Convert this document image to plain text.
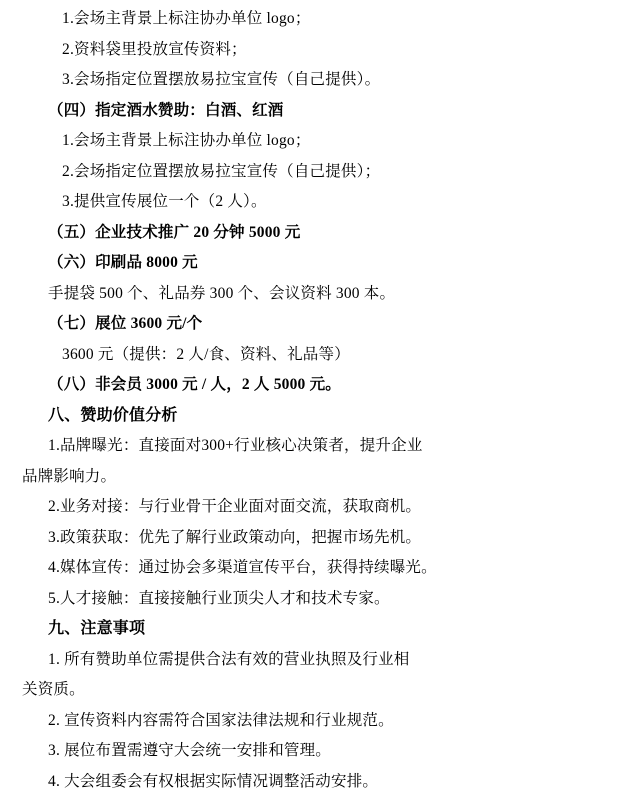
1.会场主背景上标注协办单位 logo；
2.资料袋里投放宣传资料；
3.会场指定位置摆放易拉宝宣传（自己提供）。
（四）指定酒水赞助：白酒、红酒
1.会场主背景上标注协办单位 logo；
2.会场指定位置摆放易拉宝宣传（自己提供）；
3.提供宣传展位一个（2 人）。
（五）企业技术推广 20 分钟 5000 元
（六）印刷品 8000 元
手提袋 500 个、礼品券 300 个、会议资料 300 本。
（七）展位 3600 元/个
3600 元（提供：2 人/食、资料、礼品等）
（八）非会员 3000 元 / 人，2 人 5000 元。
八、赞助价值分析
1.品牌曝光：直接面对300+行业核心决策者，提升企业
品牌影响力。
2.业务对接：与行业骨干企业面对面交流，获取商机。
3.政策获取：优先了解行业政策动向，把握市场先机。
4.媒体宣传：通过协会多渠道宣传平台，获得持续曝光。
5.人才接触：直接接触行业顶尖人才和技术专家。
九、注意事项
1. 所有赞助单位需提供合法有效的营业执照及行业相
关资质。
2. 宣传资料内容需符合国家法律法规和行业规范。
3. 展位布置需遵守大会统一安排和管理。
4. 大会组委会有权根据实际情况调整活动安排。
